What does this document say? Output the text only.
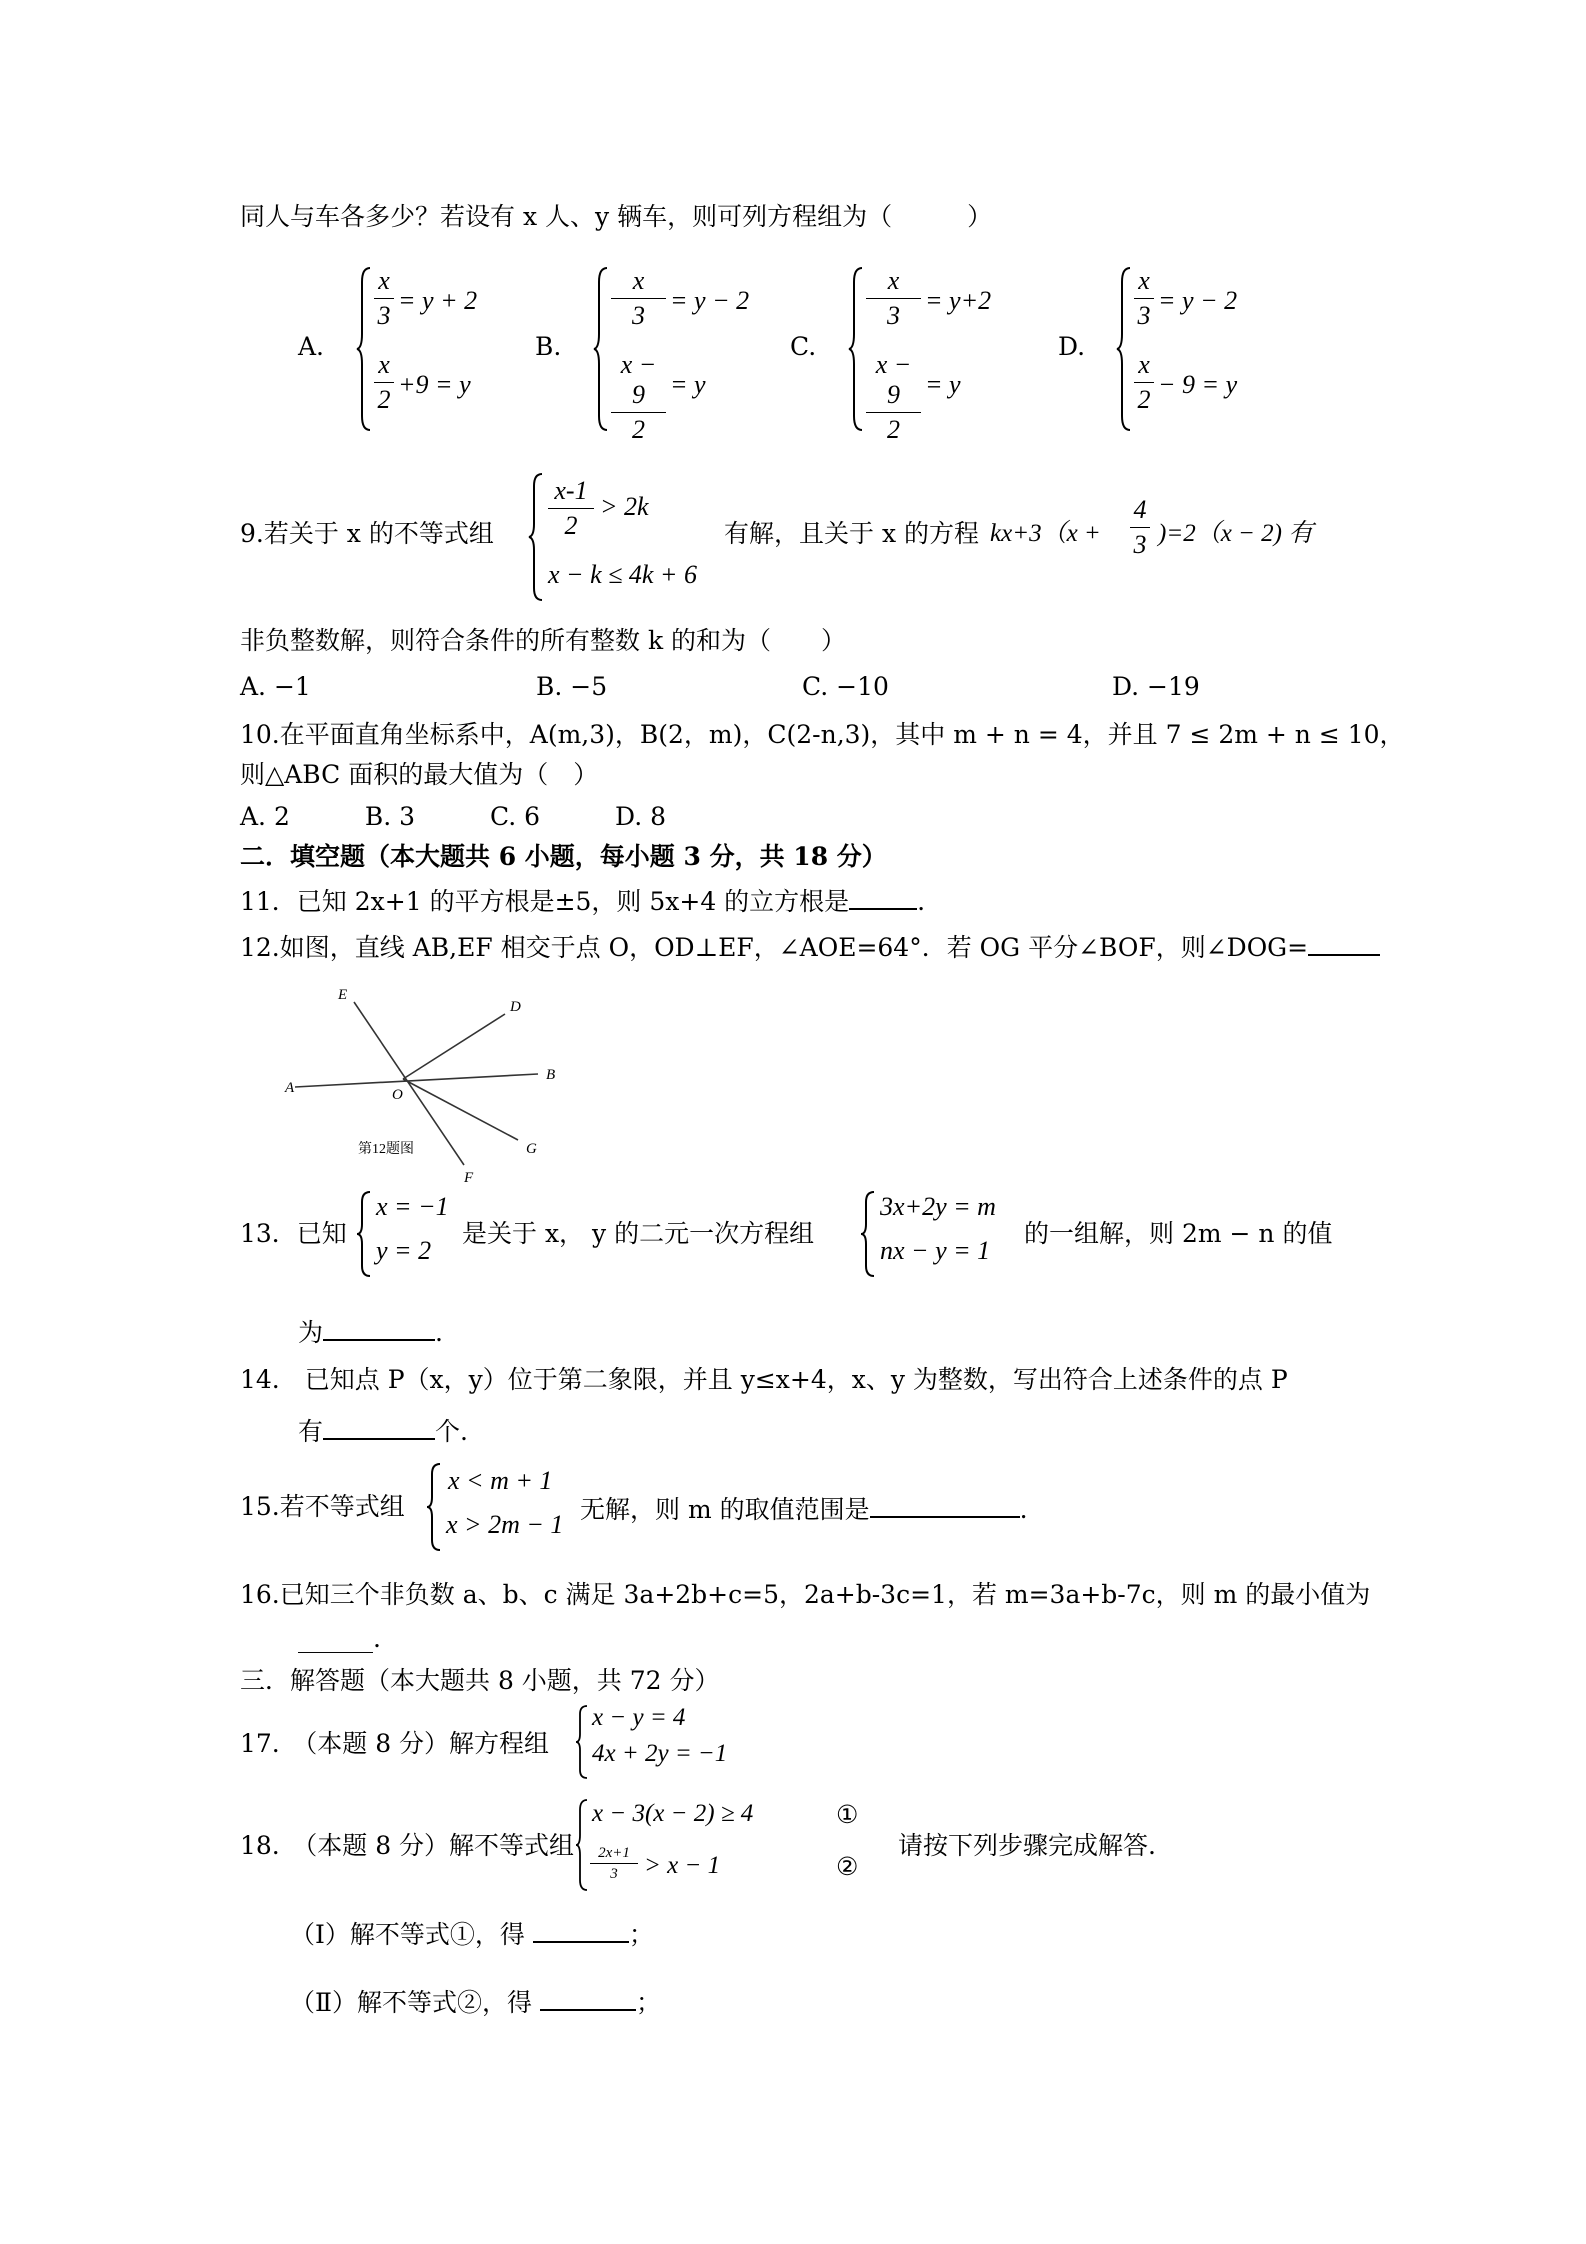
同人与车各多少？若设有 x 人、y 辆车，则可列方程组为（　　　）
A.
x
3
= y + 2
x
2
+9 = y
B.
x
3
= y − 2
x − 9
2
= y
C.
x
3
= y+2
x − 9
2
= y
D.
x
3
= y − 2
x
2
− 9 = y
9.若关于 x 的不等式组
x-1
2
> 2k
x − k ≤ 4k + 6
有解，且关于 x 的方程 kx+3（x +
4
3 )=2（x − 2) 有
非负整数解，则符合条件的所有整数 k 的和为（　　）
A. −1	B. −5	C. −10	D. −19
10.在平面直角坐标系中，A(m,3)，B(2，m)，C(2-n,3)，其中 m + n = 4，并且 7 ≤ 2m + n ≤ 10，
则△ABC 面积的最大值为（　）
A. 2　　　B. 3　　　C. 6　　　D. 8
二．填空题（本大题共 6 小题，每小题 3 分，共 18 分）
11．已知 2x+1 的平方根是±5，则 5x+4 的立方根是	.
12.如图，直线 AB,EF 相交于点 O，OD⊥EF，∠AOE=64°．若 OG 平分∠BOF，则∠DOG=
E
D
A
B
O
G
F
第12题图
13．已知
x = −1
y = 2
是关于 x， y 的二元一次方程组
3x+2y = m
nx − y = 1
的一组解，则 2m − n 的值
为	.
14.　已知点 P（x，y）位于第二象限，并且 y≤x+4，x、y 为整数，写出符合上述条件的点 P
有	个.
15.若不等式组
x < m + 1
x > 2m − 1
无解，则 m 的取值范围是	.
16.已知三个非负数 a、b、c 满足 3a+2b+c=5，2a+b-3c=1，若 m=3a+b-7c，则 m 的最小值为
______.
三．解答题（本大题共 8 小题，共 72 分）
17.　（本题 8 分）解方程组
x − y = 4
4x + 2y = −1
18.　（本题 8 分）解不等式组
x − 3(x − 2) ≥ 4	①
2x+1
3	> x − 1	②
请按下列步骤完成解答.
（Ⅰ）解不等式①，得	；
（Ⅱ）解不等式②，得	；
